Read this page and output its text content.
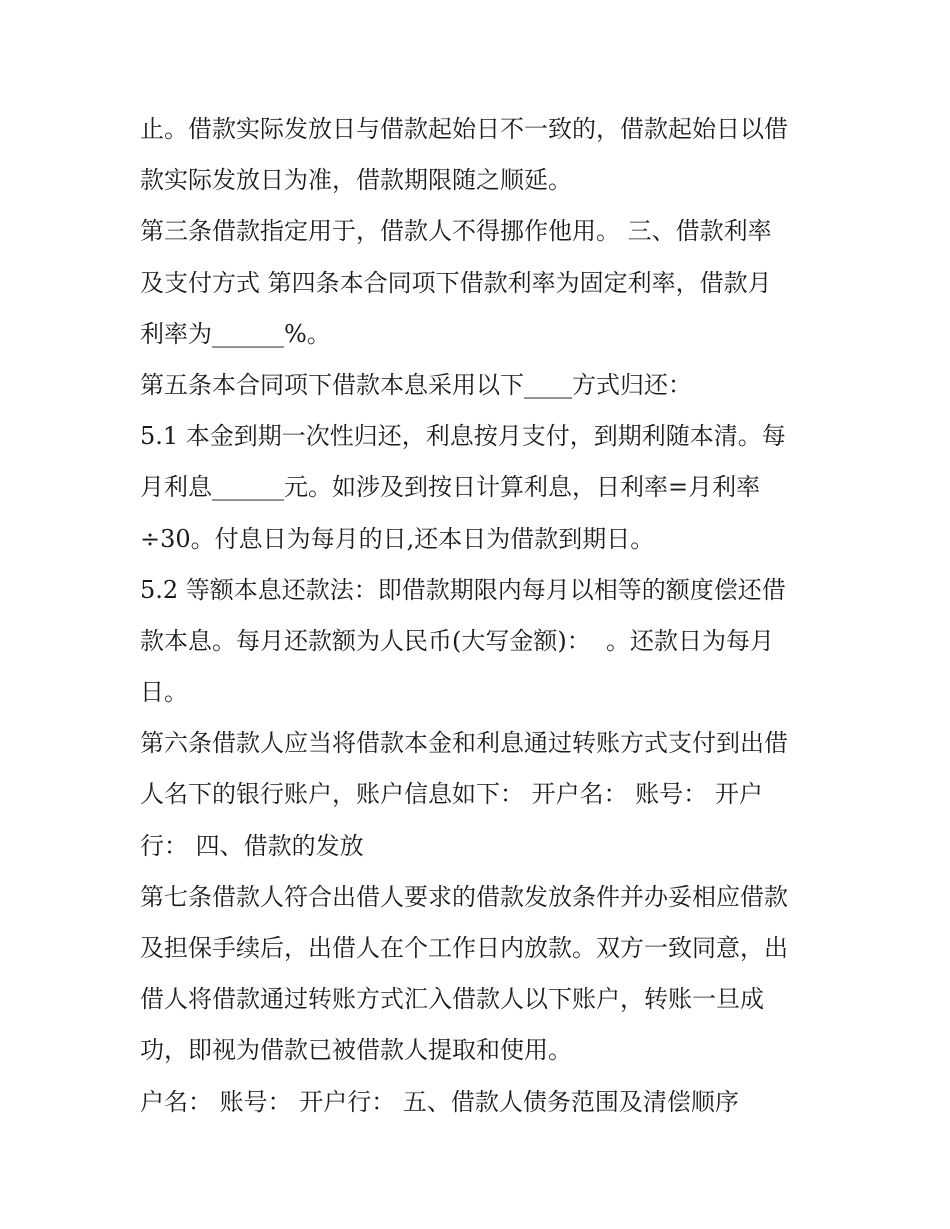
止。借款实际发放日与借款起始日不一致的，借款起始日以借
款实际发放日为准，借款期限随之顺延。
第三条借款指定用于，借款人不得挪作他用。 三、借款利率
及支付方式 第四条本合同项下借款利率为固定利率，借款月
利率为______%。
第五条本合同项下借款本息采用以下____方式归还：
5.1 本金到期一次性归还，利息按月支付，到期利随本清。每
月利息______元。如涉及到按日计算利息，日利率=月利率
÷30。付息日为每月的日,还本日为借款到期日。
5.2 等额本息还款法：即借款期限内每月以相等的额度偿还借
款本息。每月还款额为人民币(大写金额)：  。还款日为每月
日。
第六条借款人应当将借款本金和利息通过转账方式支付到出借
人名下的银行账户，账户信息如下： 开户名： 账号： 开户
行： 四、借款的发放
第七条借款人符合出借人要求的借款发放条件并办妥相应借款
及担保手续后，出借人在个工作日内放款。双方一致同意，出
借人将借款通过转账方式汇入借款人以下账户，转账一旦成
功，即视为借款已被借款人提取和使用。
户名： 账号： 开户行： 五、借款人债务范围及清偿顺序
